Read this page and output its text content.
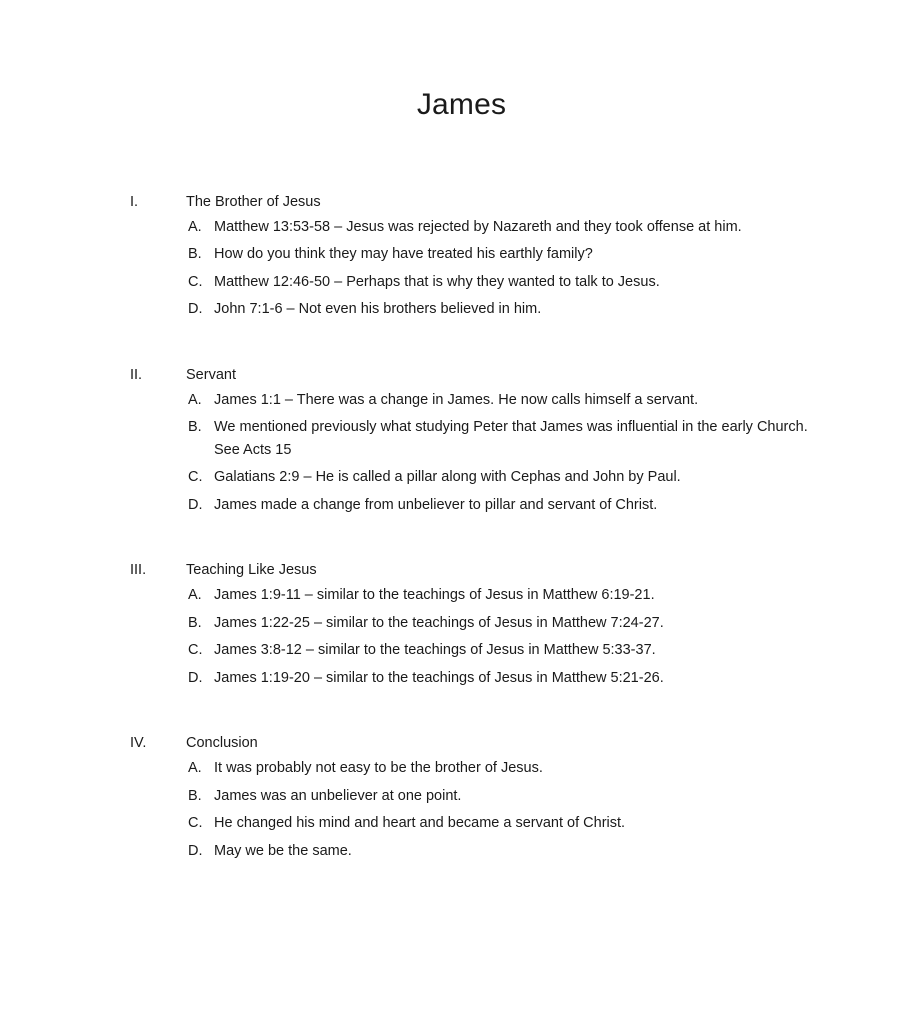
James
I.	The Brother of Jesus
A. Matthew 13:53-58 – Jesus was rejected by Nazareth and they took offense at him.
B. How do you think they may have treated his earthly family?
C. Matthew 12:46-50 – Perhaps that is why they wanted to talk to Jesus.
D. John 7:1-6 – Not even his brothers believed in him.
II.	Servant
A. James 1:1 – There was a change in James. He now calls himself a servant.
B. We mentioned previously what studying Peter that James was influential in the early Church. See Acts 15
C. Galatians 2:9 – He is called a pillar along with Cephas and John by Paul.
D. James made a change from unbeliever to pillar and servant of Christ.
III.	Teaching Like Jesus
A. James 1:9-11 – similar to the teachings of Jesus in Matthew 6:19-21.
B. James 1:22-25 – similar to the teachings of Jesus in Matthew 7:24-27.
C. James 3:8-12 – similar to the teachings of Jesus in Matthew 5:33-37.
D. James 1:19-20 – similar to the teachings of Jesus in Matthew 5:21-26.
IV.	Conclusion
A. It was probably not easy to be the brother of Jesus.
B. James was an unbeliever at one point.
C. He changed his mind and heart and became a servant of Christ.
D. May we be the same.
